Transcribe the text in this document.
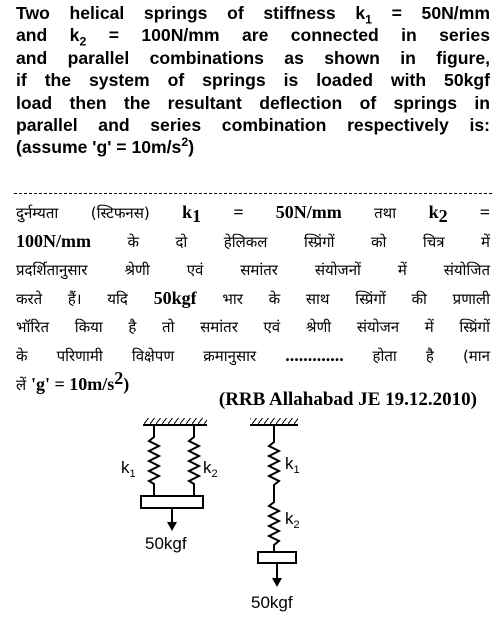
Two helical springs of stiffness $k_1 = 50N/mm$
and $k_2 = 100N/mm$ are connected in series
and parallel combinations as shown in figure,
if the system of springs is loaded with 50kgf
load then the resultant deflection of springs in
parallel and series combination respectively is:
(assume '$g' = 10m/s^2$)
दुर्नम्यता (स्टिफनस) $k_1 = 50N/mm$ तथा $k_2$ =
100N/mm के दो हेलिकल स्प्रिंगों को चित्र में
प्रदर्शितानुसार श्रेणी एवं समांतर संयोजनों में संयोजित
करते हैं। यदि 50kgf भार के साथ स्प्रिंगों की प्रणाली
भॉरित किया है तो समांतर एवं श्रेणी संयोजन में स्प्रिंगों
के परिणामी विक्षेपण क्रमानुसार ............. होता है (मान
लें '$g' = 10m/s^2$)
(RRB Allahabad JE 19.12.2010)
$k_1$	$k_2$
50kgf
$k_1$
$k_2$
50kgf
